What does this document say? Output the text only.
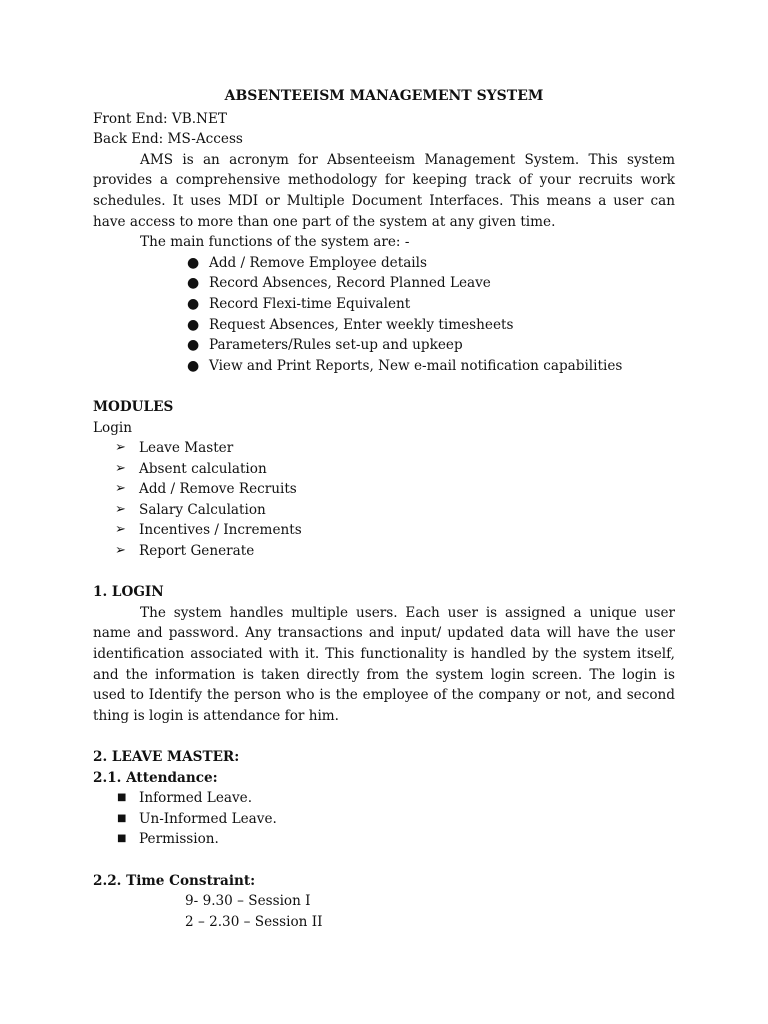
ABSENTEEISM MANAGEMENT SYSTEM
Front End: VB.NET
Back End: MS-Access
AMS is an acronym for Absenteeism Management System. This system provides a comprehensive methodology for keeping track of your recruits work schedules. It uses MDI or Multiple Document Interfaces. This means a user can have access to more than one part of the system at any given time.
The main functions of the system are: -
● Add / Remove Employee details
● Record Absences, Record Planned Leave
● Record Flexi-time Equivalent
● Request Absences, Enter weekly timesheets
● Parameters/Rules set-up and upkeep
● View and Print Reports, New e-mail notification capabilities
MODULES
Login
➢ Leave Master
➢ Absent calculation
➢ Add / Remove Recruits
➢ Salary Calculation
➢ Incentives / Increments
➢ Report Generate
1. LOGIN
The system handles multiple users. Each user is assigned a unique user name and password. Any transactions and input/ updated data will have the user identification associated with it. This functionality is handled by the system itself, and the information is taken directly from the system login screen. The login is used to Identify the person who is the employee of the company or not, and second thing is login is attendance for him.
2. LEAVE MASTER:
2.1. Attendance:
■ Informed Leave.
■ Un-Informed Leave.
■ Permission.
2.2. Time Constraint:
9- 9.30 – Session I
2 – 2.30 – Session II
